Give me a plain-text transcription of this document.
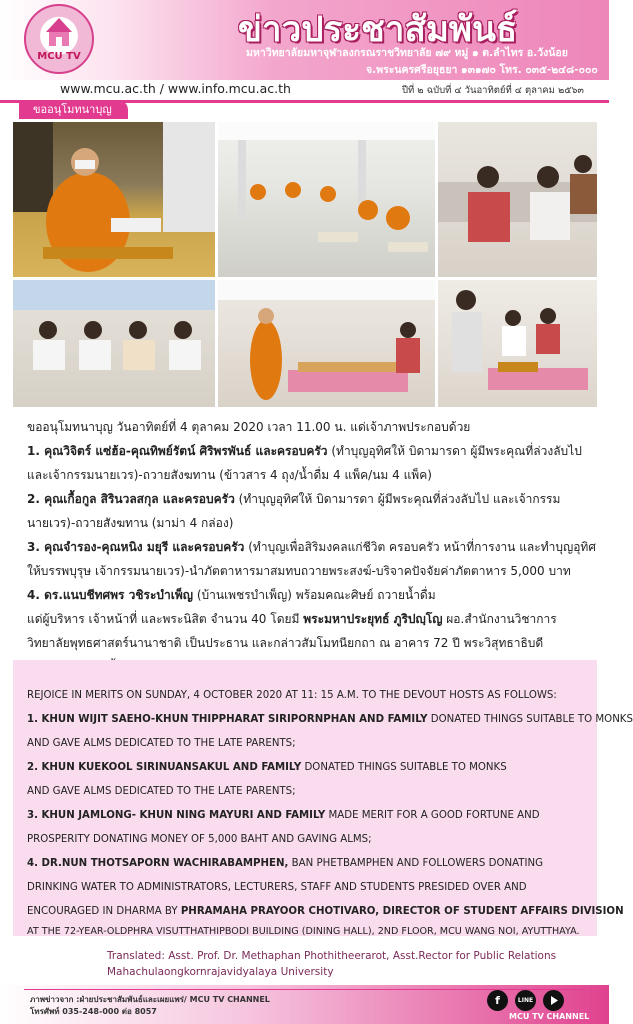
MCU TV
ข่าวประชาสัมพันธ์
มหาวิทยาลัยมหาจุฬาลงกรณราชวิทยาลัย ๗๙ หมู่ ๑ ต.ลำไทร อ.วังน้อย
จ.พระนครศรีอยุธยา ๑๓๑๗๐ โทร. ๐๓๕-๒๔๘-๐๐๐
www.mcu.ac.th / www.info.mcu.ac.th	ปีที่ ๒ ฉบับที่ ๔ วันอาทิตย์ที่ ๔ ตุลาคม ๒๕๖๓
ขออนุโมทนาบุญ
ขออนุโมทนาบุญ วันอาทิตย์ที่ 4 ตุลาคม 2020 เวลา 11.00 น. แด่เจ้าภาพประกอบด้วย
1. คุณวิจิตร์ แซ่ฮ้อ-คุณทิพย์รัตน์ ศิริพรพันธ์ และครอบครัว (ทำบุญอุทิศให้ บิดามารดา ผู้มีพระคุณที่ล่วงลับไป
และเจ้ากรรมนายเวร)-ถวายสังฆทาน (ข้าวสาร 4 ถุง/น้ำดื่ม 4 แพ็ค/นม 4 แพ็ค)
2. คุณเกื้อกูล สิรินวลสกุล และครอบครัว (ทำบุญอุทิศให้ บิดามารดา ผู้มีพระคุณที่ล่วงลับไป และเจ้ากรรม
นายเวร)-ถวายสังฆทาน (มาม่า 4 กล่อง)
3. คุณจำรอง-คุณหนิง มยุรี และครอบครัว (ทำบุญเพื่อสิริมงคลแก่ชีวิต ครอบครัว หน้าที่การงาน และทำบุญอุทิศ
ให้บรรพบุรุษ เจ้ากรรมนายเวร)-นำภัตตาหารมาสมทบถวายพระสงฆ์-บริจาคปัจจัยค่าภัตตาหาร 5,000 บาท
4. ดร.แนบชีทศพร วชิระบำเพ็ญ (บ้านเพชรบำเพ็ญ) พร้อมคณะศิษย์ ถวายน้ำดื่ม
แด่ผู้บริหาร เจ้าหน้าที่ และพระนิสิต จำนวน 40 โดยมี พระมหาประยุทธ์ ภูริปญฺโญ ผอ.สำนักงานวิชาการ
วิทยาลัยพุทธศาสตร์นานาชาติ เป็นประธาน และกล่าวสัมโมทนียกถา ณ อาคาร 72 ปี พระวิสุทธาธิบดี
REJOICE IN MERITS ON SUNDAY, 4 OCTOBER 2020 AT 11: 15 A.M. TO THE DEVOUT HOSTS AS FOLLOWS:
1. KHUN WIJIT SAEHO-KHUN THIPPHARAT SIRIPORNPHAN AND FAMILY DONATED THINGS SUITABLE TO MONKS
AND GAVE ALMS DEDICATED TO THE LATE PARENTS;
2. KHUN KUEKOOL SIRINUANSAKUL AND FAMILY DONATED THINGS SUITABLE TO MONKS
AND GAVE ALMS DEDICATED TO THE LATE PARENTS;
3. KHUN JAMLONG- KHUN NING MAYURI AND FAMILY MADE MERIT FOR A GOOD FORTUNE AND
PROSPERITY DONATING MONEY OF 5,000 BAHT AND GAVING ALMS;
4. DR.NUN THOTSAPORN WACHIRABAMPHEN, BAN PHETBAMPHEN AND FOLLOWERS DONATING
DRINKING WATER TO ADMINISTRATORS, LECTURERS, STAFF AND STUDENTS PRESIDED OVER AND
ENCOURAGED IN DHARMA BY PHRAMAHA PRAYOOR CHOTIVARO, DIRECTOR OF STUDENT AFFAIRS DIVISION
AT THE 72-YEAR-OLDPHRA VISUTTHATHIPBODI BUILDING (DINING HALL), 2ND FLOOR, MCU WANG NOI, AYUTTHAYA.
Translated: Asst. Prof. Dr. Methaphan Phothitheerarot, Asst.Rector for Public Relations
Mahachulaongkornrajavidyalaya University
ภาพข่าวจาก :ฝ่ายประชาสัมพันธ์และเผยแพร่/ MCU TV CHANNEL
โทรศัพท์ 035-248-000 ต่อ 8057
f	LINE
MCU TV CHANNEL
